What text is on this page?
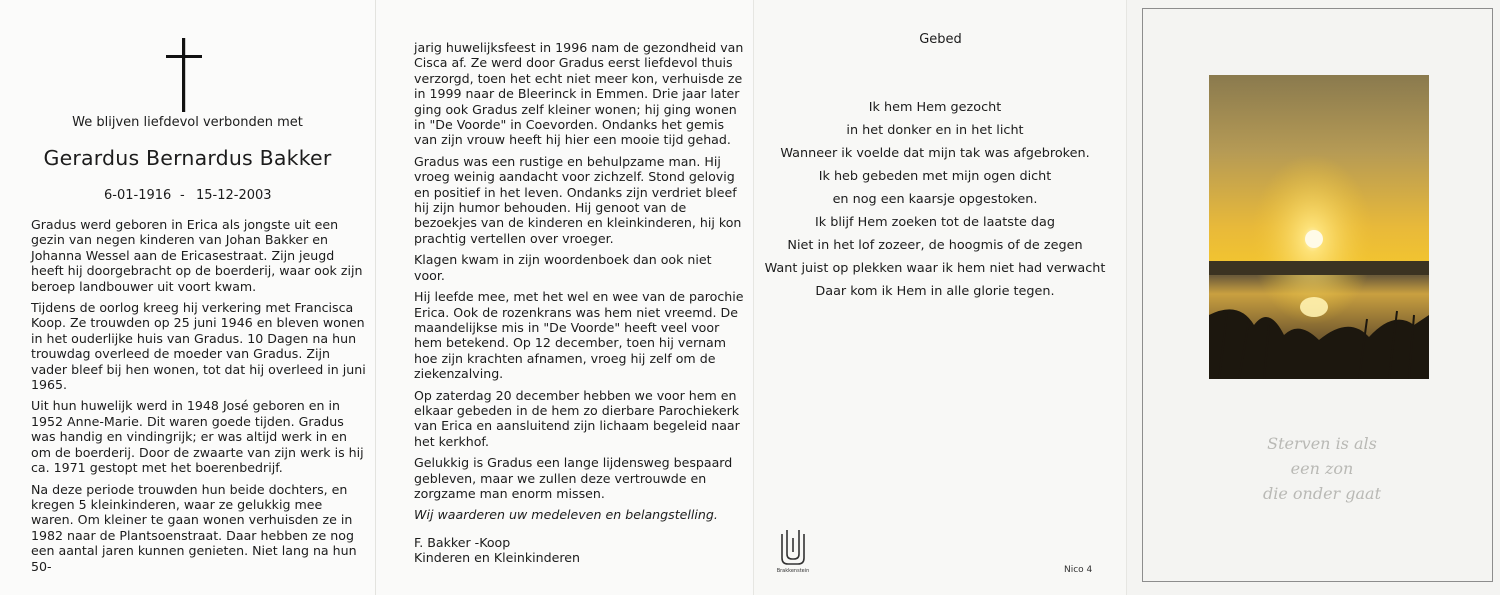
We blijven liefdevol verbonden met
Gerardus Bernardus Bakker
6-01-1916 - 15-12-2003

Gradus werd geboren in Erica als jongste uit een gezin van negen kinderen van Johan Bakker en Johanna Wessel aan de Ericasestraat. Zijn jeugd heeft hij doorgebracht op de boerderij, waar ook zijn beroep landbouwer uit voort kwam.

Tijdens de oorlog kreeg hij verkering met Francisca Koop. Ze trouwden op 25 juni 1946 en bleven wonen in het ouderlijke huis van Gradus. 10 Dagen na hun trouwdag overleed de moeder van Gradus. Zijn vader bleef bij hen wonen, tot dat hij overleed in juni 1965.

Uit hun huwelijk werd in 1948 José geboren en in 1952 Anne-Marie. Dit waren goede tijden. Gradus was handig en vindingrijk; er was altijd werk in en om de boerderij. Door de zwaarte van zijn werk is hij ca. 1971 gestopt met het boerenbedrijf.

Na deze periode trouwden hun beide dochters, en kregen 5 kleinkinderen, waar ze gelukkig mee waren. Om kleiner te gaan wonen verhuisden ze in 1982 naar de Plantsoenstraat. Daar hebben ze nog een aantal jaren kunnen genieten. Niet lang na hun 50-

jarig huwelijksfeest in 1996 nam de gezondheid van Cisca af. Ze werd door Gradus eerst liefdevol thuis verzorgd, toen het echt niet meer kon, verhuisde ze in 1999 naar de Bleerinck in Emmen. Drie jaar later ging ook Gradus zelf kleiner wonen; hij ging wonen in "De Voorde" in Coevorden. Ondanks het gemis van zijn vrouw heeft hij hier een mooie tijd gehad.

Gradus was een rustige en behulpzame man. Hij vroeg weinig aandacht voor zichzelf. Stond gelovig en positief in het leven. Ondanks zijn verdriet bleef hij zijn humor behouden. Hij genoot van de bezoekjes van de kinderen en kleinkinderen, hij kon prachtig vertellen over vroeger.

Klagen kwam in zijn woordenboek dan ook niet voor.

Hij leefde mee, met het wel en wee van de parochie Erica. Ook de rozenkrans was hem niet vreemd. De maandelijkse mis in "De Voorde" heeft veel voor hem betekend. Op 12 december, toen hij vernam hoe zijn krachten afnamen, vroeg hij zelf om de ziekenzalving.

Op zaterdag 20 december hebben we voor hem en elkaar gebeden in de hem zo dierbare Parochiekerk van Erica en aansluitend zijn lichaam begeleid naar het kerkhof.

Gelukkig is Gradus een lange lijdensweg bespaard gebleven, maar we zullen deze vertrouwde en zorgzame man enorm missen.

Wij waarderen uw medeleven en belangstelling.

F. Bakker -Koop

Kinderen en Kleinkinderen

Gebed
Ik hem Hem gezocht
in het donker en in het licht
Wanneer ik voelde dat mijn tak was afgebroken.
Ik heb gebeden met mijn ogen dicht
en nog een kaarsje opgestoken.
Ik blijf Hem zoeken tot de laatste dag
Niet in het lof zozeer, de hoogmis of de zegen
Want juist op plekken waar ik hem niet had verwacht
Daar kom ik Hem in alle glorie tegen.
Brakkenstein	Nico 4
Sterven is als
een zon
die onder gaat
